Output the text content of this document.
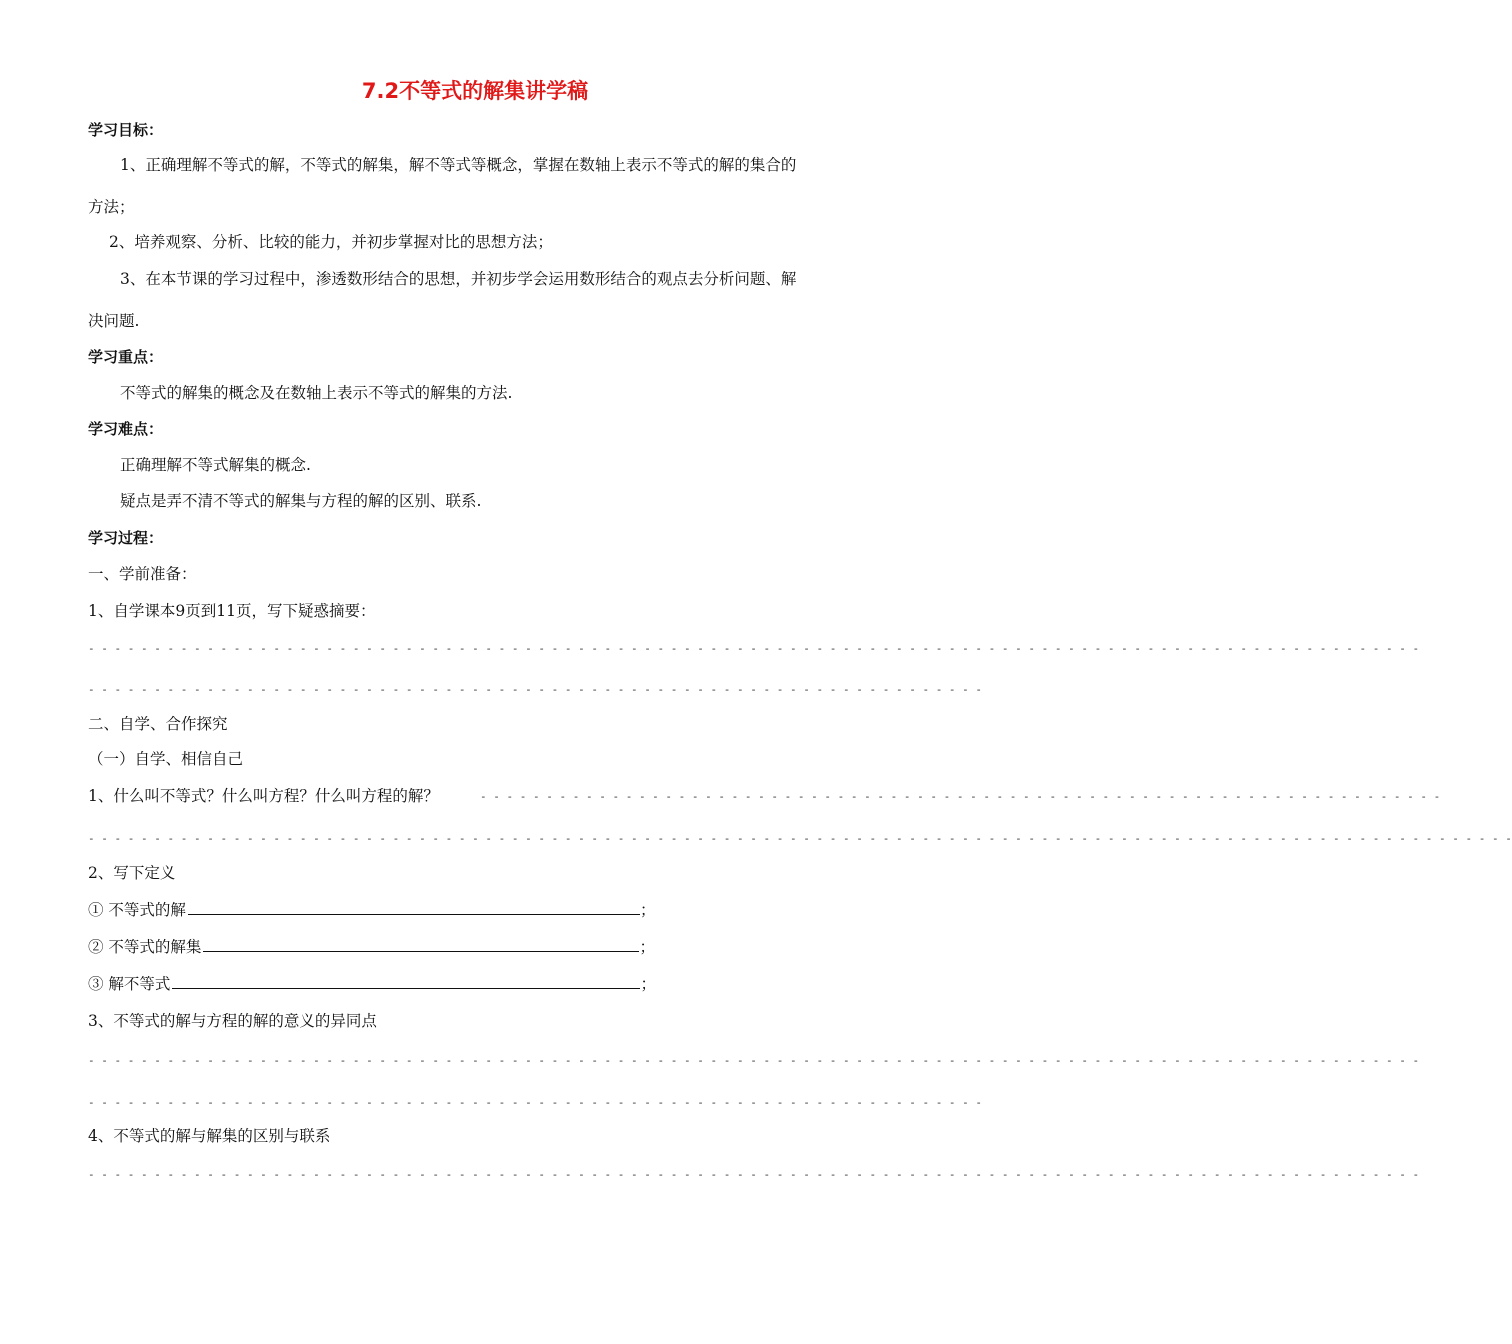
7.2不等式的解集讲学稿
学习目标：
1、正确理解不等式的解，不等式的解集，解不等式等概念，掌握在数轴上表示不等式的解的集合的
方法；
2、培养观察、分析、比较的能力，并初步掌握对比的思想方法；
3、在本节课的学习过程中，渗透数形结合的思想，并初步学会运用数形结合的观点去分析问题、解
决问题.
学习重点：
不等式的解集的概念及在数轴上表示不等式的解集的方法.
学习难点：
正确理解不等式解集的概念.
疑点是弄不清不等式的解集与方程的解的区别、联系.
学习过程：
一、学前准备：
1、自学课本9页到11页，写下疑惑摘要：
- - - - - - - - - - - - - - - - - - - - - - - - - - - - - - - - - - - - - - - - - - - - - - - - - - - - - - - - - - - - - - - - - - - - - - - - - - - - - - - - - - - - - - - - - - - - - - - - - - - - -
- - - - - - - - - - - - - - - - - - - - - - - - - - - - - - - - - - - - - - - - - - - - - - - - - - - - - - - - - - - - - - - - - - - -
二、自学、合作探究
（一）自学、相信自己
1、什么叫不等式？什么叫方程？什么叫方程的解？	- - - - - - - - - - - - - - - - - - - - - - - - - - - - - - - - - - - - - - - - - - - - - - - - - - - - - - - - - - - - - - - - - - - - - - - - -
- - - - - - - - - - - - - - - - - - - - - - - - - - - - - - - - - - - - - - - - - - - - - - - - - - - - - - - - - - - - - - - - - - - - - - - - - - - - - - - - - - - - - - - - - - - - - - - - - - - - - - - - - - - -
2、写下定义
① 不等式的解	；
② 不等式的解集	；
③ 解不等式	；
3、不等式的解与方程的解的意义的异同点
- - - - - - - - - - - - - - - - - - - - - - - - - - - - - - - - - - - - - - - - - - - - - - - - - - - - - - - - - - - - - - - - - - - - - - - - - - - - - - - - - - - - - - - - - - - - - - - - - - - - -
- - - - - - - - - - - - - - - - - - - - - - - - - - - - - - - - - - - - - - - - - - - - - - - - - - - - - - - - - - - - - - - - - - - -
4、不等式的解与解集的区别与联系
- - - - - - - - - - - - - - - - - - - - - - - - - - - - - - - - - - - - - - - - - - - - - - - - - - - - - - - - - - - - - - - - - - - - - - - - - - - - - - - - - - - - - - - - - - - - - - - - - - - - -
